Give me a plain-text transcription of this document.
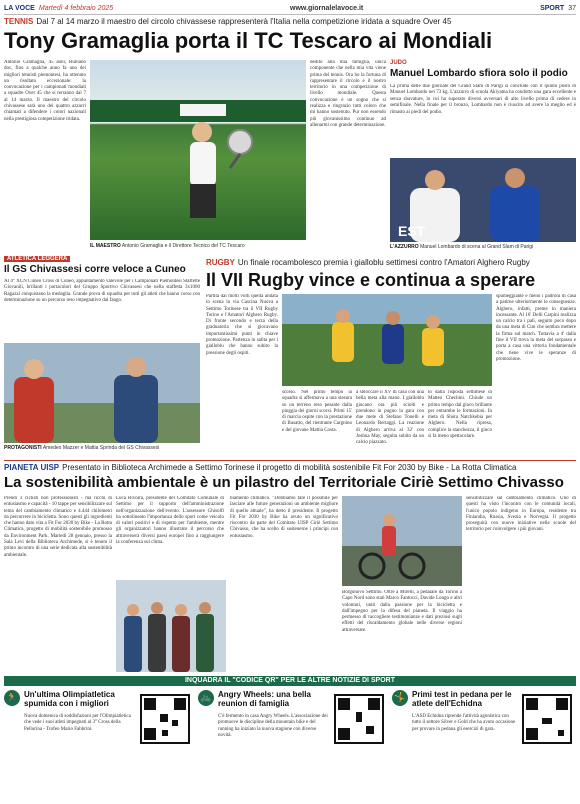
LA VOCE Martedì 4 febbraio 2025	www.giornalelavoce.it	SPORT 37
TENNIS Dal 7 al 14 marzo il maestro del circolo chivassese rappresenterà l'Italia nella competizione iridata a squadre Over 45
Tony Gramaglia porta il TC Tescaro ai Mondiali
Antonio Gramaglia, 45 anni, Rubiano doc, fino a qualche anno fa uno dei migliori tennisti piemontesi, ha ottenuto un risultato eccezionale: la convocazione per i campionati mondiali a squadre Over 45 che si terranno dal 7 al 14 marzo. Il maestro del circolo chivassese sarà uno dei quattro azzurri chiamati a difendere i colori nazionali nella prestigiosa competizione iridata.
IL MAESTRO Antonio Gramaglia e il Direttore Tecnico del TC Tescaro
dedito alla mia famiglia, unica componente che nella mia vita viene prima del tennis. Ora ho la fortuna di rappresentare il circolo e il nostro territorio in una competizione di livello mondiale. Questa convocazione è un sogno che si realizza e ringrazio tutti coloro che mi hanno sostenuto. Pur non essendo più giovanissimo continuo ad allenarmi con grande determinazione.
JUDO
Manuel Lombardo sfiora solo il podio
La prima delle due giornate del Grand Slam di Parigi si conclude con il quinto posto di Manuel Lombardo nei 73 kg. L'azzurro di scuola Akiyama ha condotto una gara eccellente e senza sbavature, in cui ha superato diversi avversari di alto livello prima di cedere in semifinale. Nella finale per il bronzo, Lombardo non è riuscito ad avere la meglio ed è rimasto ai piedi del podio.
EST
L'AZZURRO Manuel Lombardo di scena al Grand Slam di Parigi
ATLETICA LEGGERA
Il GS Chivassesi corre veloce a Cuneo
Al 4° XCN Cuneo Cross di Cuneo, appuntamento valevole per i Campionati Piemontesi Staffette Giovanili, brillanti i portacolori del Gruppo Sportivo Chivassesi che nella staffetta 3x1000 Ragazzi conquistano la medaglia. Grande prova di squadra per tutti gli atleti che hanno corso con determinazione su un percorso reso impegnativo dal fango.
PROTAGONISTI Amedeo Mazzer e Mattia Sprinda del GS Chivassesi
RUGBY Un finale rocambolesco premia i gialloblu settimesi contro l'Amatori Alghero Rugby
Il VII Rugby vince e continua a sperare
Partita dai molti volti quella andata in scena in via Cascina Nuova a Settimo Torinese tra il VII Rugby Torino e l'Amatori Alghero Rugby. Di fronte secondo e terza della graduatoria che si giocavano importantissimi punti in chiave promozione. Partenza in salita per i gialloblu che hanno subito la pressione degli ospiti.
scorso. Nel primo tempo la squadra si affermava a una stesura su un terreno reso pesante dalla pioggia dei giorni scorsi. Primi 15' di marcia ospite con la prestazione di Busatto, del rientrante Cargnino e del giovane Mattia Costa.
a sbloccare il XV di casa con una bella meta alla mano. I gialloblu giocano ora più sciolti e prendono in pugno la gara con due mete di Stefano Tonelli e Leonardo Bertaggi. La reazione di Alghero arriva al 32' con Joshua May, seguita subito da un calcio piazzato.
to dalla risposta settimese di Matteo Chechini. Chiude un primo tempo dal gioco brillante per entrambe le formazioni. In meta di Shota Natchkebia per Alghero. Nella ripresa, complice la stanchezza, il gioco si fa meno spettacolare.
spumeggiante e meno i padroni di casa a patirne ulteriormente le conseguenze. Alghero, infatti, preme in maniera incessante. Al 16' Delli Carpini realizza un calcio tra i pali, seguito poco dopo da una meta di Cini che sembra mettere la firma sul match. Tuttavia a 4' dalla fine il VII trova la meta del sorpasso e porta a casa una vittoria fondamentale che tiene vive le speranze di promozione.
PIANETA UISP Presentato in Biblioteca Archimede a Settimo Torinese il progetto di mobilità sostenibile Fit For 2030 by Bike - La Rotta Climatica
La sostenibilità ambientale è un pilastro del Territoriale Ciriè Settimo Chivasso
Prendi 3 ciclisti non professionisti - ma ricchi di entusiasmo e capacità - 10 tappe per sensibilizzare sul tema del cambiamento climatico e 4.444 chilometri da percorrere in bicicletta. Sono questi gli ingredienti che hanno dato vita a Fit For 2030 by Bike - La Rotta Climatica, progetto di mobilità sostenibile promosso da Environment Park. Martedì 28 gennaio, presso la Sala Levi della Biblioteca Archimede, si è tenuto il primo incontro di una serie dedicata alla sostenibilità ambientale.
Luca Rivoira, presidente del Comitato Comunale di Settimo per il supporto dell'amministrazione nell'organizzazione dell'evento. L'assessore Ghisolfi ha sottolineato l'importanza dello sport come veicolo di valori positivi e di rispetto per l'ambiente, mentre gli organizzatori hanno illustrato il percorso che attraverserà diversi paesi europei fino a raggiungere la conferenza sul clima.
biamento climatico. "Dobbiamo fare il possibile per lasciare alle future generazioni un ambiente migliore di quello attuale", ha detto il presidente. Il progetto Fit For 2030 by Bike ha avuto un significativo riscontro da parte del Comitato UISP Ciriè Settimo Chivasso, che ha scelto di sostenerne i principi con entusiasmo.
Borgonovo Settimo. Oltre a Mirelli, a pedalare da Torino a Capo Nord sono stati Marco Fantucci, Davide Longo e altri volontari, uniti dalla passione per la bicicletta e dall'impegno per la difesa del pianeta. Il viaggio ha permesso di raccogliere testimonianze e dati preziosi sugli effetti del riscaldamento globale nelle diverse regioni attraversate.
sensibilizzare sul cambiamento climatico. Uno di questi ha visto l'incontro con le comunità locali, l'unico popolo indigeno in Europa, residente tra Finlandia, Russia, Svezia e Norvegia. Il progetto proseguirà con nuove iniziative nelle scuole del territorio per coinvolgere i più giovani.
INQUADRA IL "CODICE QR" PER LE ALTRE NOTIZIE DI SPORT
🏃 Un'ultima Olimpiatletica spumida con i migliori
Nuova domenica di soddisfazioni per l'Olimpiatletica che vede i suoi atleti impegnati al 3° Cross della Pellorina - Trofeo Mario Fabbrini.
🚲 Angry Wheels: una bella reunion di famiglia
C'è fermento in casa Angry Wheels. L'associazione dei promuove le discipline della mountain bike e del running ha iniziato la nuova stagione con diverse novità.
🤸 Primi test in pedana per le atlete dell'Echidna
L'ASD Echidna riprende l'attività agonistica con tutto il settore Silver e Gold che ha avuto occasione per provare in pedana gli esercizi di gara.
